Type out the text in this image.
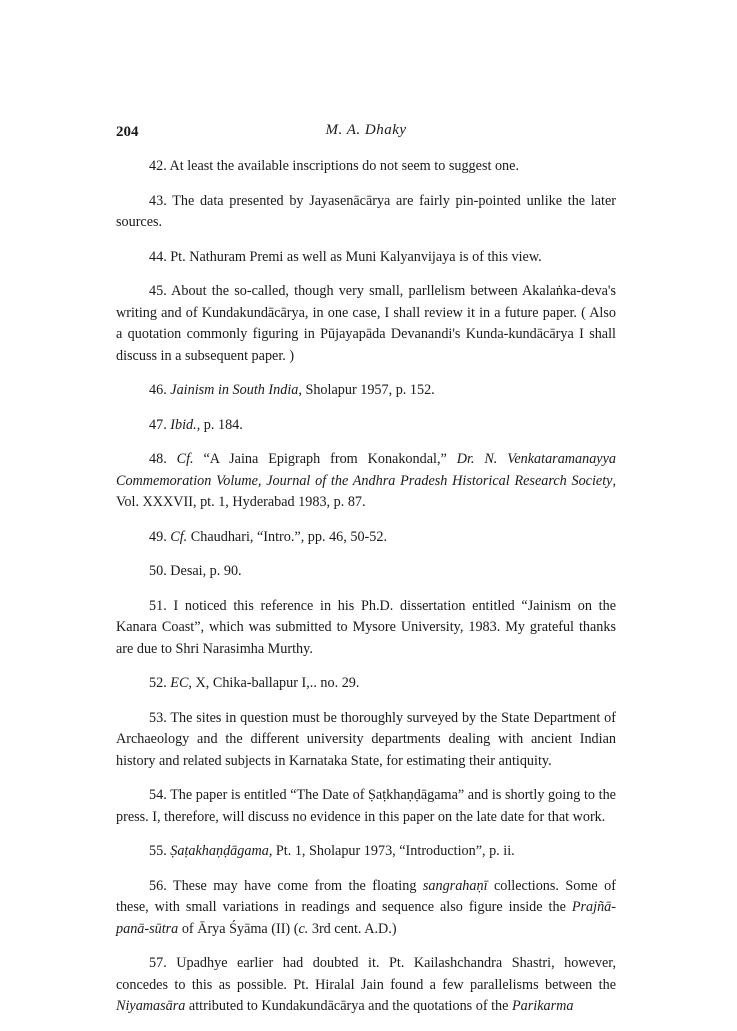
204	M. A. Dhaky

42. At least the available inscriptions do not seem to suggest one.

43. The data presented by Jayasenācārya are fairly pin-pointed unlike the later sources.

44. Pt. Nathuram Premi as well as Muni Kalyanvijaya is of this view.

45. About the so-called, though very small, parllelism between Akalaṅka-deva's writing and of Kundakundācārya, in one case, I shall review it in a future paper. ( Also a quotation commonly figuring in Pūjayapāda Devanandi's Kunda-kundācārya I shall discuss in a subsequent paper. )

46. Jainism in South India, Sholapur 1957, p. 152.

47. Ibid., p. 184.

48. Cf. “A Jaina Epigraph from Konakondal,” Dr. N. Venkataramanayya Commemoration Volume, Journal of the Andhra Pradesh Historical Research Society, Vol. XXXVII, pt. 1, Hyderabad 1983, p. 87.

49. Cf. Chaudhari, “Intro.”, pp. 46, 50-52.

50. Desai, p. 90.

51. I noticed this reference in his Ph.D. dissertation entitled “Jainism on the Kanara Coast”, which was submitted to Mysore University, 1983. My grateful thanks are due to Shri Narasimha Murthy.

52. EC, X, Chika-ballapur I,.. no. 29.

53. The sites in question must be thoroughly surveyed by the State Department of Archaeology and the different university departments dealing with ancient Indian history and related subjects in Karnataka State, for estimating their antiquity.

54. The paper is entitled “The Date of Ṣaṭkhaṇḍāgama” and is shortly going to the press. I, therefore, will discuss no evidence in this paper on the late date for that work.

55. Ṣaṭakhaṇḍāgama, Pt. 1, Sholapur 1973, “Introduction”, p. ii.

56. These may have come from the floating sangrahaṇī collections. Some of these, with small variations in readings and sequence also figure inside the Prajñā-panā-sūtra of Ārya Śyāma (II) (c. 3rd cent. A.D.)

57. Upadhye earlier had doubted it. Pt. Kailashchandra Shastri, however, concedes to this as possible. Pt. Hiralal Jain found a few parallelisms between the Niyamasāra attributed to Kundakundācārya and the quotations of the Parikarma
